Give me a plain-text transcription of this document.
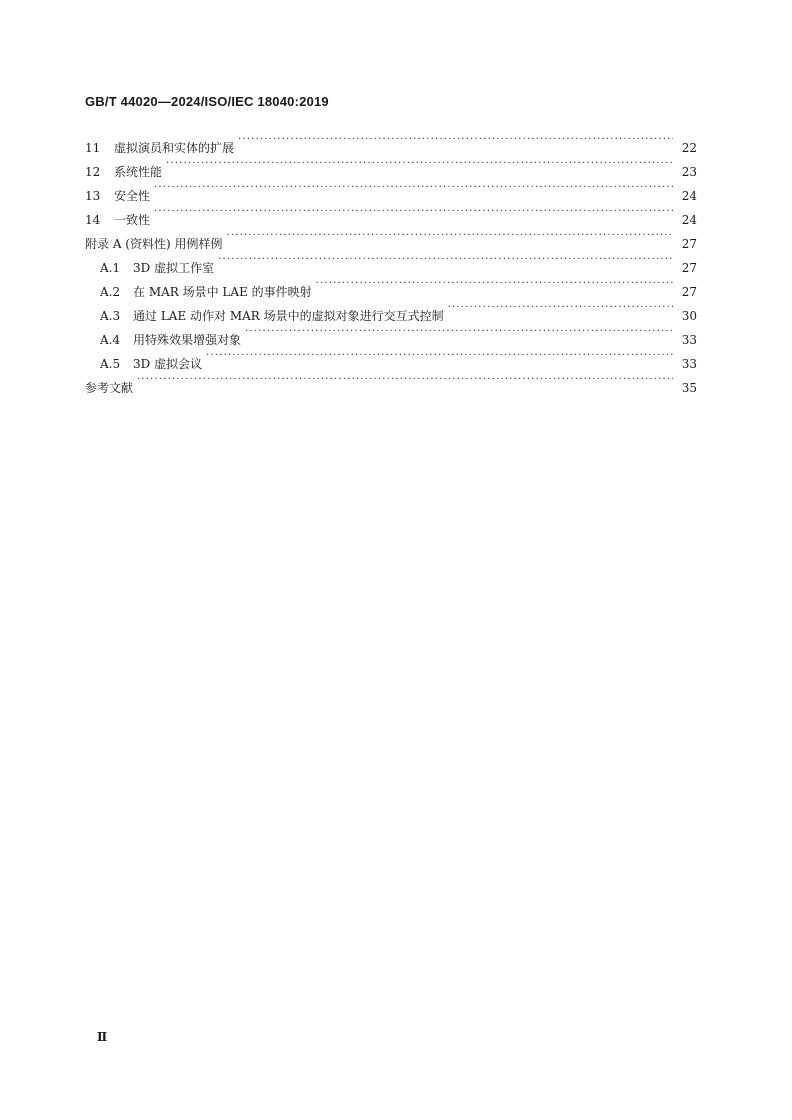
GB/T 44020—2024/ISO/IEC 18040:2019
11	虚拟演员和实体的扩展 ·····	22
12	系统性能 ·····	23
13	安全性 ·····	24
14	一致性 ·····	24
附录 A (资料性) 用例样例 ·····	27
A.1	3D 虚拟工作室 ·····	27
A.2	在 MAR 场景中 LAE 的事件映射 ·····	27
A.3	通过 LAE 动作对 MAR 场景中的虚拟对象进行交互式控制 ·····	30
A.4	用特殊效果增强对象 ·····	33
A.5	3D 虚拟会议 ·····	33
参考文献 ·····	35
Ⅱ
